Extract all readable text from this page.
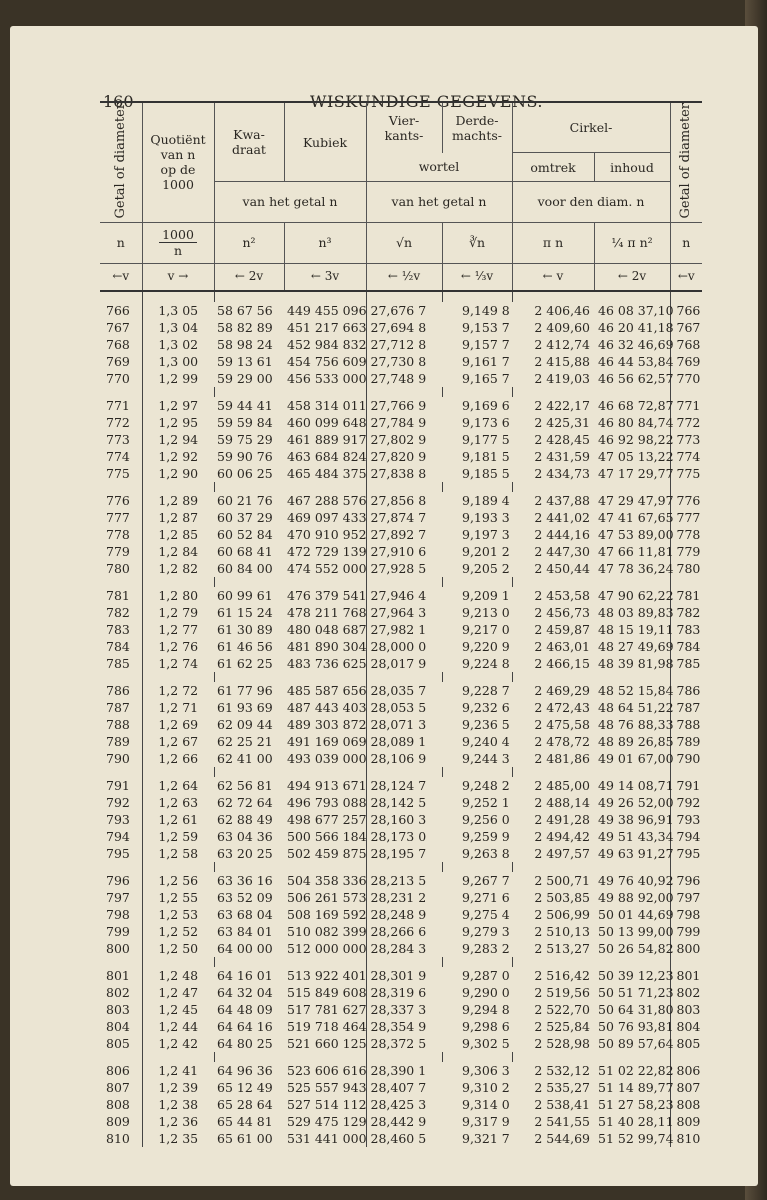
160	WISKUNDIGE GEGEVENS.
Getal of diameter	Quotiënt
van n
op de
1000	Kwa-
draat	Kubiek	Vier-
kants-	Derde-
machts-	Cirkel-		Getal of diameter
				wortel		omtrek	inhoud	
		van het getal n		van het getal n		voor den diam. n		
n	$\frac{1000}{n}$	n²	n³	√n	∛n	π n	¼ π n²	n
←v	v →	← 2v	← 3v	← ½v	← ⅓v	← v	← 2v	←v

766	1,3 05	58 67 56	449 455 096	27,676 7	9,149 8	2 406,46	46 08 37,10	766
767	1,3 04	58 82 89	451 217 663	27,694 8	9,153 7	2 409,60	46 20 41,18	767
768	1,3 02	58 98 24	452 984 832	27,712 8	9,157 7	2 412,74	46 32 46,69	768
769	1,3 00	59 13 61	454 756 609	27,730 8	9,161 7	2 415,88	46 44 53,84	769
770	1,2 99	59 29 00	456 533 000	27,748 9	9,165 7	2 419,03	46 56 62,57	770

771	1,2 97	59 44 41	458 314 011	27,766 9	9,169 6	2 422,17	46 68 72,87	771
772	1,2 95	59 59 84	460 099 648	27,784 9	9,173 6	2 425,31	46 80 84,74	772
773	1,2 94	59 75 29	461 889 917	27,802 9	9,177 5	2 428,45	46 92 98,22	773
774	1,2 92	59 90 76	463 684 824	27,820 9	9,181 5	2 431,59	47 05 13,22	774
775	1,2 90	60 06 25	465 484 375	27,838 8	9,185 5	2 434,73	47 17 29,77	775

776	1,2 89	60 21 76	467 288 576	27,856 8	9,189 4	2 437,88	47 29 47,97	776
777	1,2 87	60 37 29	469 097 433	27,874 7	9,193 3	2 441,02	47 41 67,65	777
778	1,2 85	60 52 84	470 910 952	27,892 7	9,197 3	2 444,16	47 53 89,00	778
779	1,2 84	60 68 41	472 729 139	27,910 6	9,201 2	2 447,30	47 66 11,81	779
780	1,2 82	60 84 00	474 552 000	27,928 5	9,205 2	2 450,44	47 78 36,24	780

781	1,2 80	60 99 61	476 379 541	27,946 4	9,209 1	2 453,58	47 90 62,22	781
782	1,2 79	61 15 24	478 211 768	27,964 3	9,213 0	2 456,73	48 03 89,83	782
783	1,2 77	61 30 89	480 048 687	27,982 1	9,217 0	2 459,87	48 15 19,11	783
784	1,2 76	61 46 56	481 890 304	28,000 0	9,220 9	2 463,01	48 27 49,69	784
785	1,2 74	61 62 25	483 736 625	28,017 9	9,224 8	2 466,15	48 39 81,98	785

786	1,2 72	61 77 96	485 587 656	28,035 7	9,228 7	2 469,29	48 52 15,84	786
787	1,2 71	61 93 69	487 443 403	28,053 5	9,232 6	2 472,43	48 64 51,22	787
788	1,2 69	62 09 44	489 303 872	28,071 3	9,236 5	2 475,58	48 76 88,33	788
789	1,2 67	62 25 21	491 169 069	28,089 1	9,240 4	2 478,72	48 89 26,85	789
790	1,2 66	62 41 00	493 039 000	28,106 9	9,244 3	2 481,86	49 01 67,00	790

791	1,2 64	62 56 81	494 913 671	28,124 7	9,248 2	2 485,00	49 14 08,71	791
792	1,2 63	62 72 64	496 793 088	28,142 5	9,252 1	2 488,14	49 26 52,00	792
793	1,2 61	62 88 49	498 677 257	28,160 3	9,256 0	2 491,28	49 38 96,91	793
794	1,2 59	63 04 36	500 566 184	28,173 0	9,259 9	2 494,42	49 51 43,34	794
795	1,2 58	63 20 25	502 459 875	28,195 7	9,263 8	2 497,57	49 63 91,27	795

796	1,2 56	63 36 16	504 358 336	28,213 5	9,267 7	2 500,71	49 76 40,92	796
797	1,2 55	63 52 09	506 261 573	28,231 2	9,271 6	2 503,85	49 88 92,00	797
798	1,2 53	63 68 04	508 169 592	28,248 9	9,275 4	2 506,99	50 01 44,69	798
799	1,2 52	63 84 01	510 082 399	28,266 6	9,279 3	2 510,13	50 13 99,00	799
800	1,2 50	64 00 00	512 000 000	28,284 3	9,283 2	2 513,27	50 26 54,82	800

801	1,2 48	64 16 01	513 922 401	28,301 9	9,287 0	2 516,42	50 39 12,23	801
802	1,2 47	64 32 04	515 849 608	28,319 6	9,290 0	2 519,56	50 51 71,23	802
803	1,2 45	64 48 09	517 781 627	28,337 3	9,294 8	2 522,70	50 64 31,80	803
804	1,2 44	64 64 16	519 718 464	28,354 9	9,298 6	2 525,84	50 76 93,81	804
805	1,2 42	64 80 25	521 660 125	28,372 5	9,302 5	2 528,98	50 89 57,64	805

806	1,2 41	64 96 36	523 606 616	28,390 1	9,306 3	2 532,12	51 02 22,82	806
807	1,2 39	65 12 49	525 557 943	28,407 7	9,310 2	2 535,27	51 14 89,77	807
808	1,2 38	65 28 64	527 514 112	28,425 3	9,314 0	2 538,41	51 27 58,23	808
809	1,2 36	65 44 81	529 475 129	28,442 9	9,317 9	2 541,55	51 40 28,11	809
810	1,2 35	65 61 00	531 441 000	28,460 5	9,321 7	2 544,69	51 52 99,74	810
